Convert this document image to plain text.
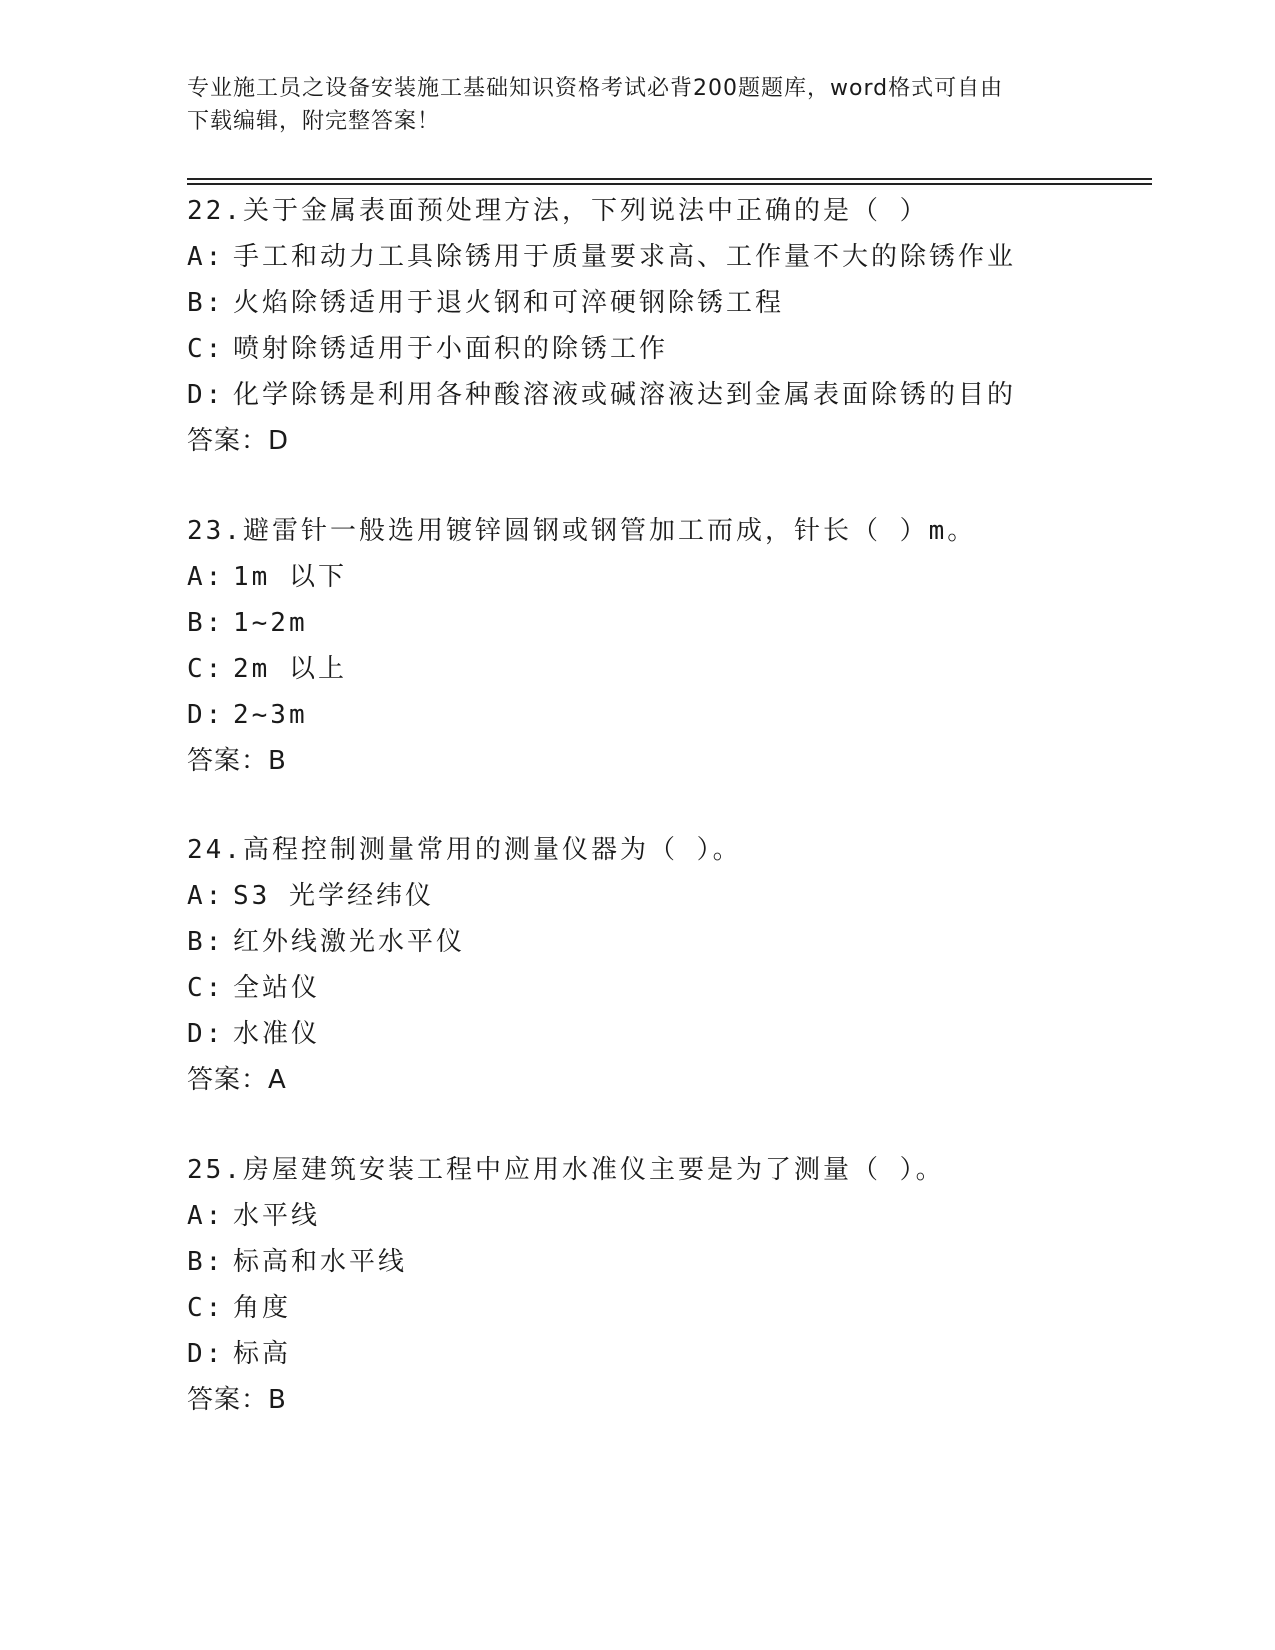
专业施工员之设备安装施工基础知识资格考试必背200题题库，word格式可自由
下载编辑，附完整答案！
22.关于金属表面预处理方法，下列说法中正确的是（ ）
A: 手工和动力工具除锈用于质量要求高、工作量不大的除锈作业
B: 火焰除锈适用于退火钢和可淬硬钢除锈工程
C: 喷射除锈适用于小面积的除锈工作
D: 化学除锈是利用各种酸溶液或碱溶液达到金属表面除锈的目的
答案：D
23.避雷针一般选用镀锌圆钢或钢管加工而成，针长（ ）m。
A: 1m 以下
B: 1~2m
C: 2m 以上
D: 2~3m
答案：B
24.高程控制测量常用的测量仪器为（ ）。
A: S3 光学经纬仪
B: 红外线激光水平仪
C: 全站仪
D: 水准仪
答案：A
25.房屋建筑安装工程中应用水准仪主要是为了测量（ ）。
A: 水平线
B: 标高和水平线
C: 角度
D: 标高
答案：B
